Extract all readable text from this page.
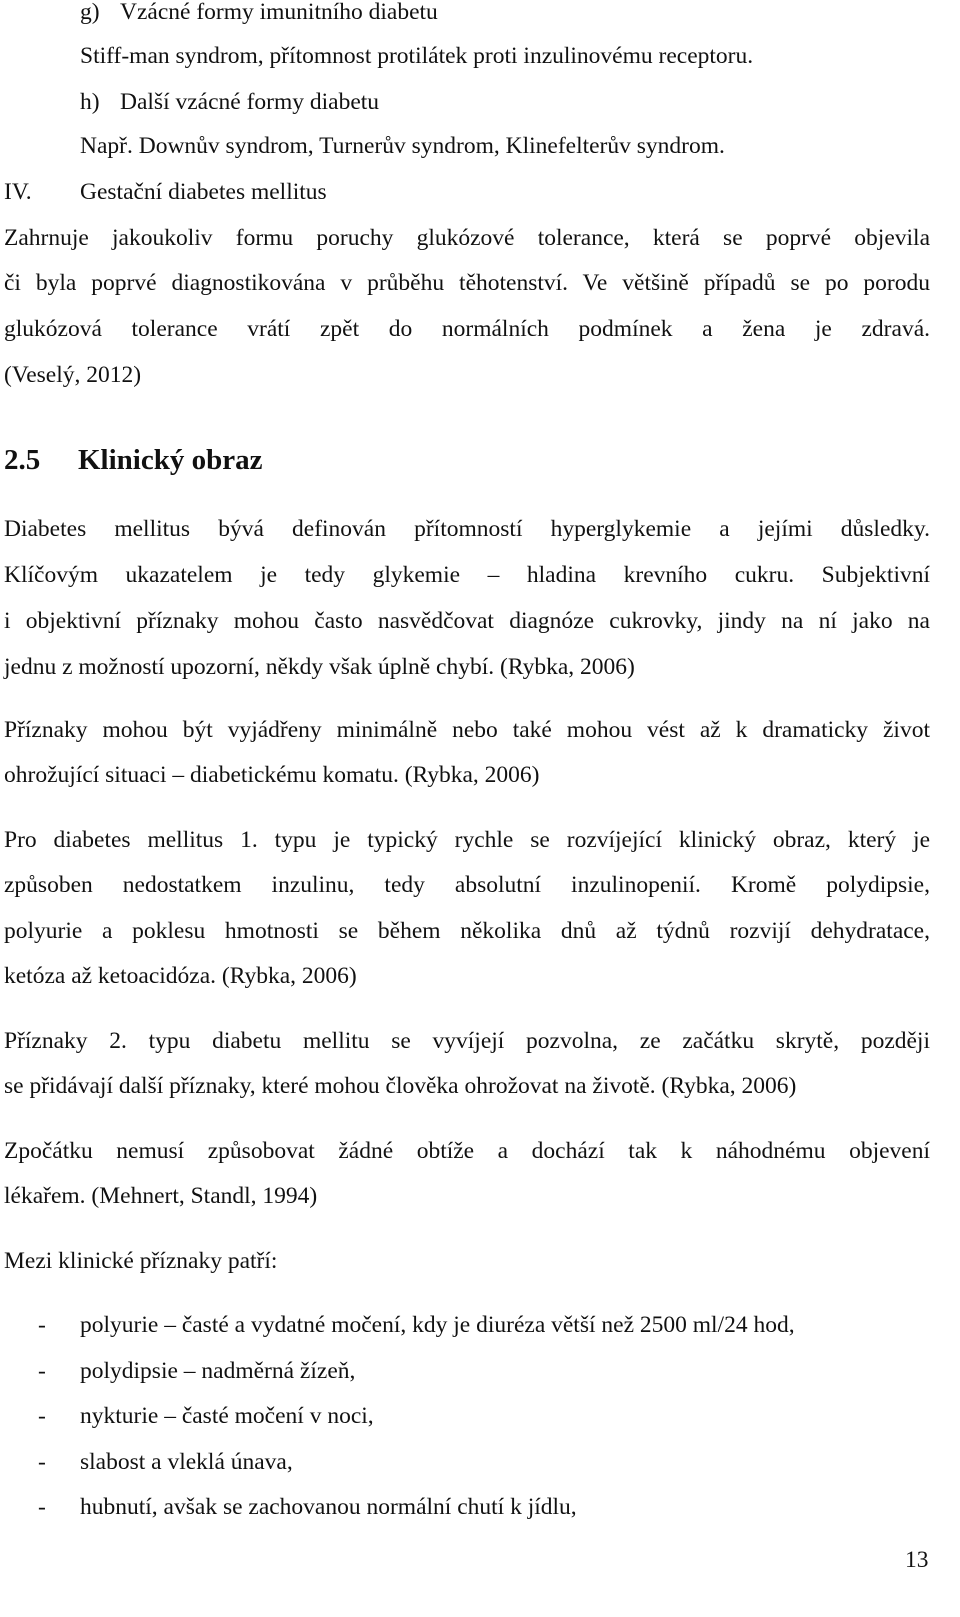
g) Vzácné formy imunitního diabetu
Stiff-man syndrom, přítomnost protilátek proti inzulinovému receptoru.
h) Další vzácné formy diabetu
Např. Downův syndrom, Turnerův syndrom, Klinefelterův syndrom.
IV. Gestační diabetes mellitus
Zahrnuje jakoukoliv formu poruchy glukózové tolerance, která se poprvé objevila
či byla poprvé diagnostikována v průběhu těhotenství. Ve většině případů se po porodu
glukózová tolerance vrátí zpět do normálních podmínek a žena je zdravá.
(Veselý, 2012)
2.5 Klinický obraz
Diabetes mellitus bývá definován přítomností hyperglykemie a jejími důsledky.
Klíčovým ukazatelem je tedy glykemie – hladina krevního cukru. Subjektivní
i objektivní příznaky mohou často nasvědčovat diagnóze cukrovky, jindy na ní jako na
jednu z možností upozorní, někdy však úplně chybí. (Rybka, 2006)
Příznaky mohou být vyjádřeny minimálně nebo také mohou vést až k dramaticky život
ohrožující situaci – diabetickému komatu. (Rybka, 2006)
Pro diabetes mellitus 1. typu je typický rychle se rozvíjející klinický obraz, který je
způsoben nedostatkem inzulinu, tedy absolutní inzulinopenií. Kromě polydipsie,
polyurie a poklesu hmotnosti se během několika dnů až týdnů rozvijí dehydratace,
ketóza až ketoacidóza. (Rybka, 2006)
Příznaky 2. typu diabetu mellitu se vyvíjejí pozvolna, ze začátku skrytě, později
se přidávají další příznaky, které mohou člověka ohrožovat na životě. (Rybka, 2006)
Zpočátku nemusí způsobovat žádné obtíže a dochází tak k náhodnému objevení
lékařem. (Mehnert, Standl, 1994)
Mezi klinické příznaky patří:
- polyurie – časté a vydatné močení, kdy je diuréza větší než 2500 ml/24 hod,
- polydipsie – nadměrná žízeň,
- nykturie – časté močení v noci,
- slabost a vleklá únava,
- hubnutí, avšak se zachovanou normální chutí k jídlu,
13
